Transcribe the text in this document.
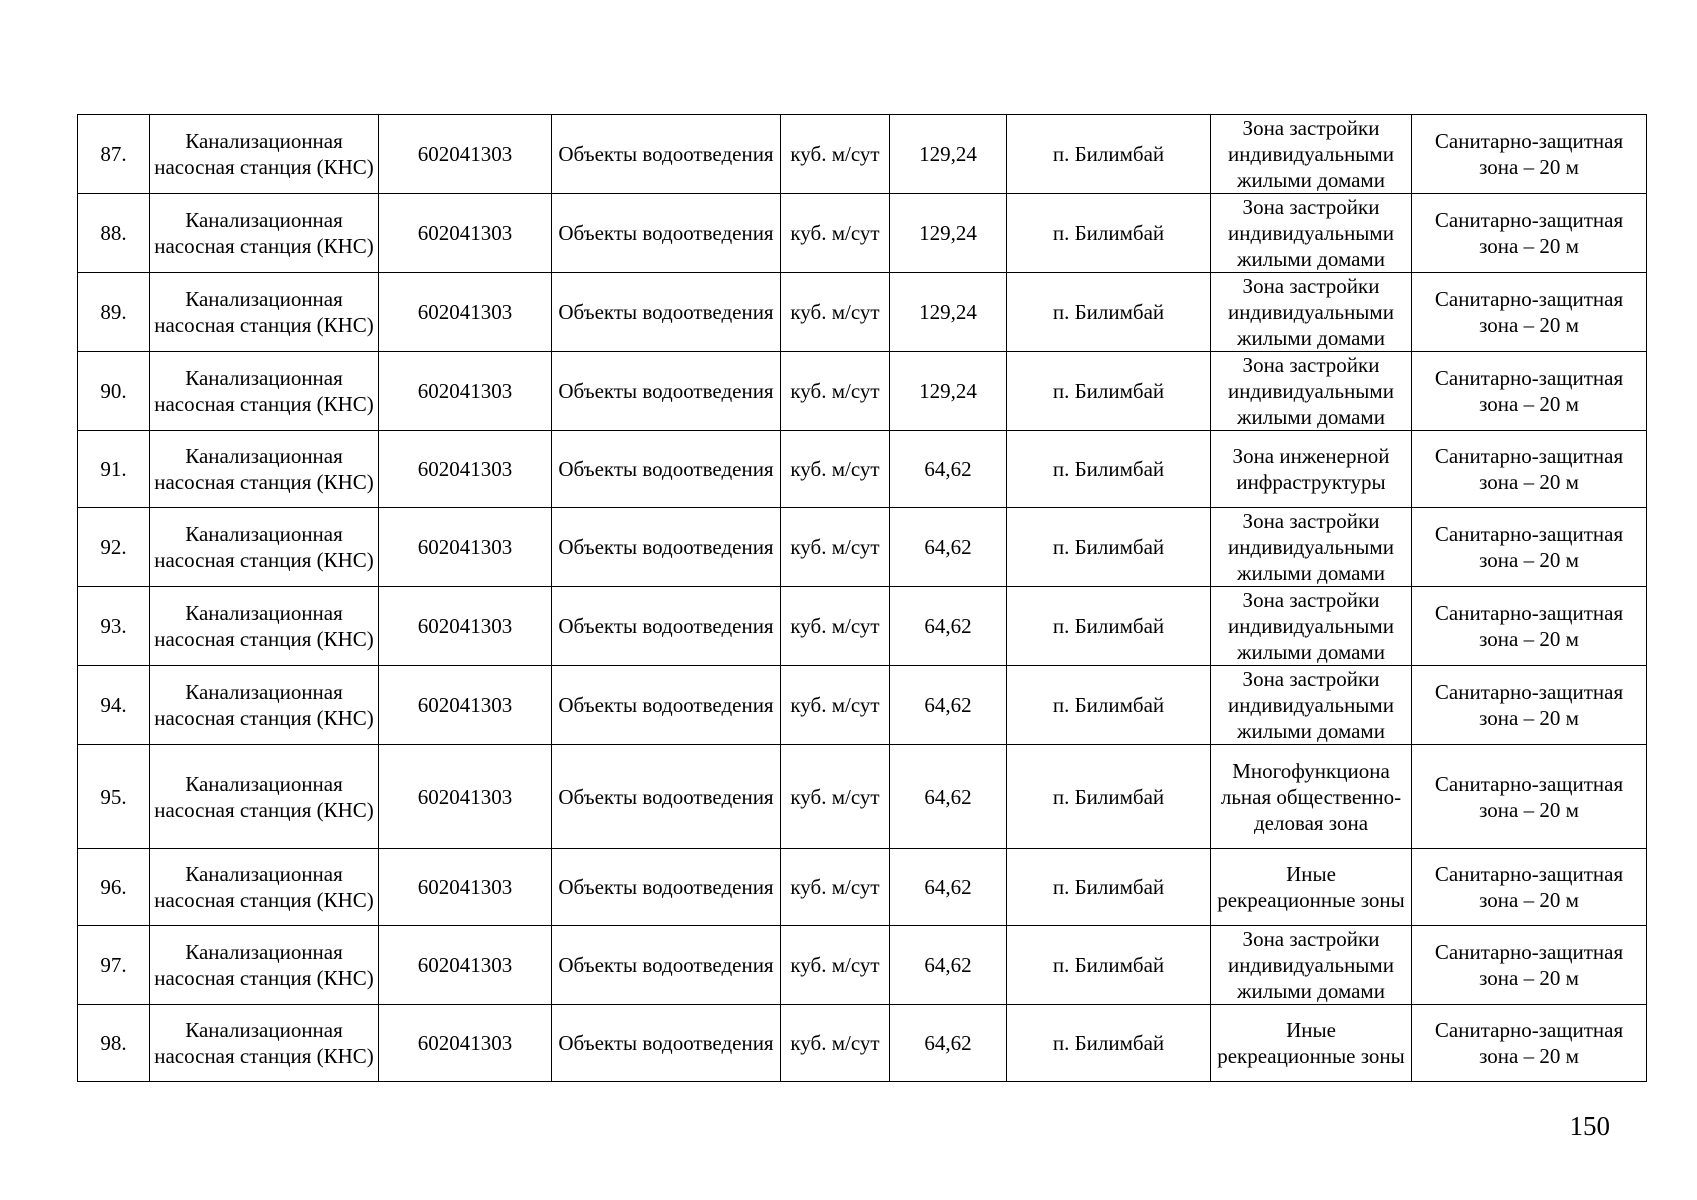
87.	Канализационная насосная станция (КНС)	602041303	Объекты водоотведения	куб. м/сут	129,24	п. Билимбай	Зона застройки индивидуальными жилыми домами	Санитарно-защитная зона – 20 м
88.	Канализационная насосная станция (КНС)	602041303	Объекты водоотведения	куб. м/сут	129,24	п. Билимбай	Зона застройки индивидуальными жилыми домами	Санитарно-защитная зона – 20 м
89.	Канализационная насосная станция (КНС)	602041303	Объекты водоотведения	куб. м/сут	129,24	п. Билимбай	Зона застройки индивидуальными жилыми домами	Санитарно-защитная зона – 20 м
90.	Канализационная насосная станция (КНС)	602041303	Объекты водоотведения	куб. м/сут	129,24	п. Билимбай	Зона застройки индивидуальными жилыми домами	Санитарно-защитная зона – 20 м
91.	Канализационная насосная станция (КНС)	602041303	Объекты водоотведения	куб. м/сут	64,62	п. Билимбай	Зона инженерной инфраструктуры	Санитарно-защитная зона – 20 м
92.	Канализационная насосная станция (КНС)	602041303	Объекты водоотведения	куб. м/сут	64,62	п. Билимбай	Зона застройки индивидуальными жилыми домами	Санитарно-защитная зона – 20 м
93.	Канализационная насосная станция (КНС)	602041303	Объекты водоотведения	куб. м/сут	64,62	п. Билимбай	Зона застройки индивидуальными жилыми домами	Санитарно-защитная зона – 20 м
94.	Канализационная насосная станция (КНС)	602041303	Объекты водоотведения	куб. м/сут	64,62	п. Билимбай	Зона застройки индивидуальными жилыми домами	Санитарно-защитная зона – 20 м
95.	Канализационная насосная станция (КНС)	602041303	Объекты водоотведения	куб. м/сут	64,62	п. Билимбай	Многофункциона льная общественно-деловая зона	Санитарно-защитная зона – 20 м
96.	Канализационная насосная станция (КНС)	602041303	Объекты водоотведения	куб. м/сут	64,62	п. Билимбай	Иные рекреационные зоны	Санитарно-защитная зона – 20 м
97.	Канализационная насосная станция (КНС)	602041303	Объекты водоотведения	куб. м/сут	64,62	п. Билимбай	Зона застройки индивидуальными жилыми домами	Санитарно-защитная зона – 20 м
98.	Канализационная насосная станция (КНС)	602041303	Объекты водоотведения	куб. м/сут	64,62	п. Билимбай	Иные рекреационные зоны	Санитарно-защитная зона – 20 м
150
